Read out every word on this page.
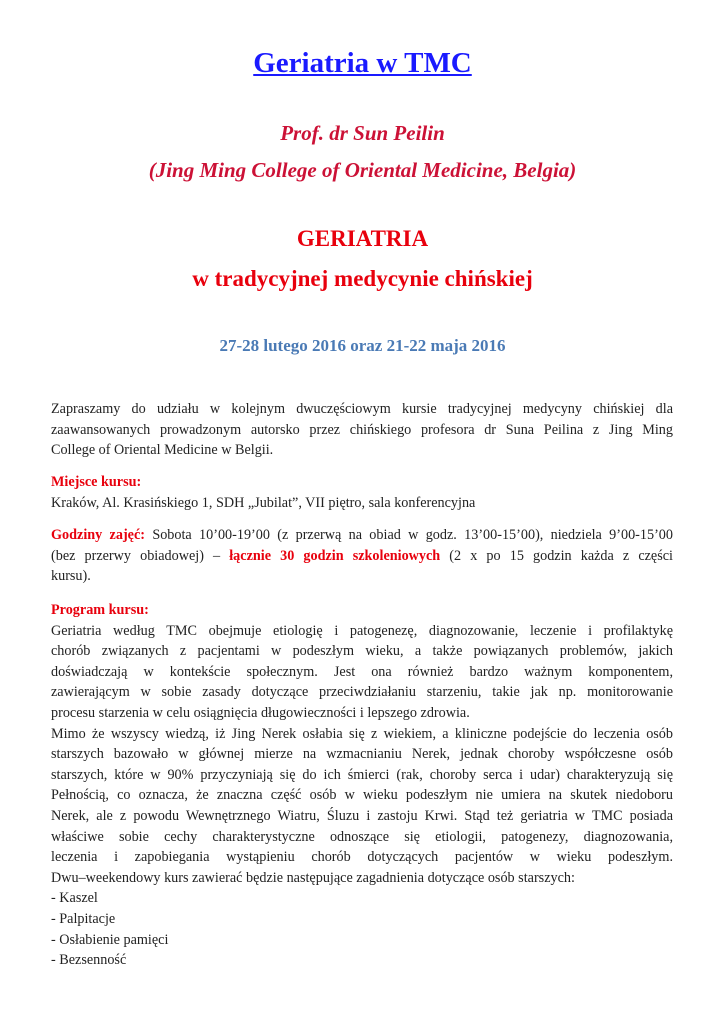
Geriatria w TMC
Prof. dr Sun Peilin
(Jing Ming College of Oriental Medicine, Belgia)
GERIATRIA
w tradycyjnej medycynie chińskiej
27-28 lutego 2016 oraz 21-22 maja 2016
Zapraszamy do udziału w kolejnym dwuczęściowym kursie tradycyjnej medycyny chińskiej dla
zaawansowanych prowadzonym autorsko przez chińskiego profesora dr Suna Peilina z Jing Ming
College of Oriental Medicine w Belgii.
Miejsce kursu:
Kraków, Al. Krasińskiego 1, SDH „Jubilat”, VII piętro, sala konferencyjna
Godziny zajęć: Sobota 10’00-19’00 (z przerwą na obiad w godz. 13’00-15’00), niedziela 9’00-15’00
(bez przerwy obiadowej) – łącznie 30 godzin szkoleniowych (2 x po 15 godzin każda z części
kursu).
Program kursu:
Geriatria według TMC obejmuje etiologię i patogenezę, diagnozowanie, leczenie i profilaktykę
chorób związanych z pacjentami w podeszłym wieku, a także powiązanych problemów, jakich
doświadczają w kontekście społecznym. Jest ona również bardzo ważnym komponentem,
zawierającym w sobie zasady dotyczące przeciwdziałaniu starzeniu, takie jak np. monitorowanie
procesu starzenia w celu osiągnięcia długowieczności i lepszego zdrowia.
Mimo że wszyscy wiedzą, iż Jing Nerek osłabia się z wiekiem, a kliniczne podejście do leczenia osób
starszych bazowało w głównej mierze na wzmacnianiu Nerek, jednak choroby współczesne osób
starszych, które w 90% przyczyniają się do ich śmierci (rak, choroby serca i udar) charakteryzują się
Pełnością, co oznacza, że znaczna część osób w wieku podeszłym nie umiera na skutek niedoboru
Nerek, ale z powodu Wewnętrznego Wiatru, Śluzu i zastoju Krwi. Stąd też geriatria w TMC posiada
właściwe sobie cechy charakterystyczne odnoszące się etiologii, patogenezy, diagnozowania,
leczenia i zapobiegania wystąpieniu chorób dotyczących pacjentów w wieku podeszłym.
Dwu–weekendowy kurs zawierać będzie następujące zagadnienia dotyczące osób starszych:
- Kaszel
- Palpitacje
- Osłabienie pamięci
- Bezsenność
